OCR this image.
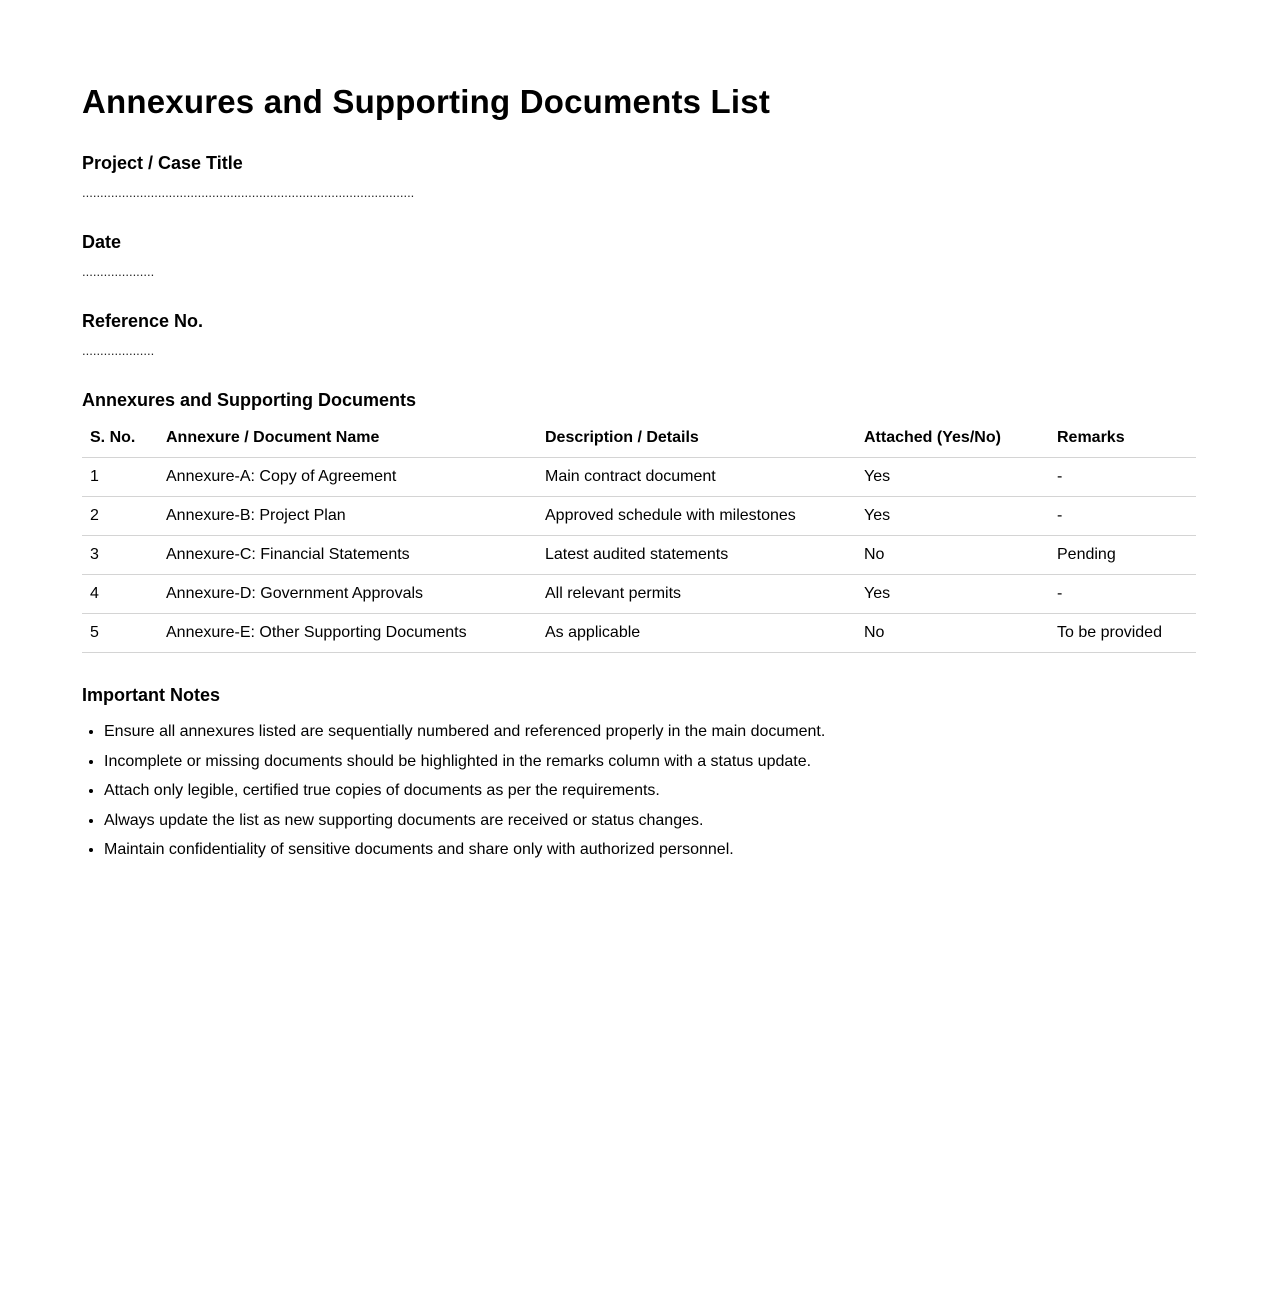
Annexures and Supporting Documents List
Project / Case Title
............................................................................................
Date
....................
Reference No.
....................
Annexures and Supporting Documents
S. No.	Annexure / Document Name	Description / Details	Attached (Yes/No)	Remarks
1	Annexure-A: Copy of Agreement	Main contract document	Yes	-
2	Annexure-B: Project Plan	Approved schedule with milestones	Yes	-
3	Annexure-C: Financial Statements	Latest audited statements	No	Pending
4	Annexure-D: Government Approvals	All relevant permits	Yes	-
5	Annexure-E: Other Supporting Documents	As applicable	No	To be provided
Important Notes
• Ensure all annexures listed are sequentially numbered and referenced properly in the main document.
• Incomplete or missing documents should be highlighted in the remarks column with a status update.
• Attach only legible, certified true copies of documents as per the requirements.
• Always update the list as new supporting documents are received or status changes.
• Maintain confidentiality of sensitive documents and share only with authorized personnel.
